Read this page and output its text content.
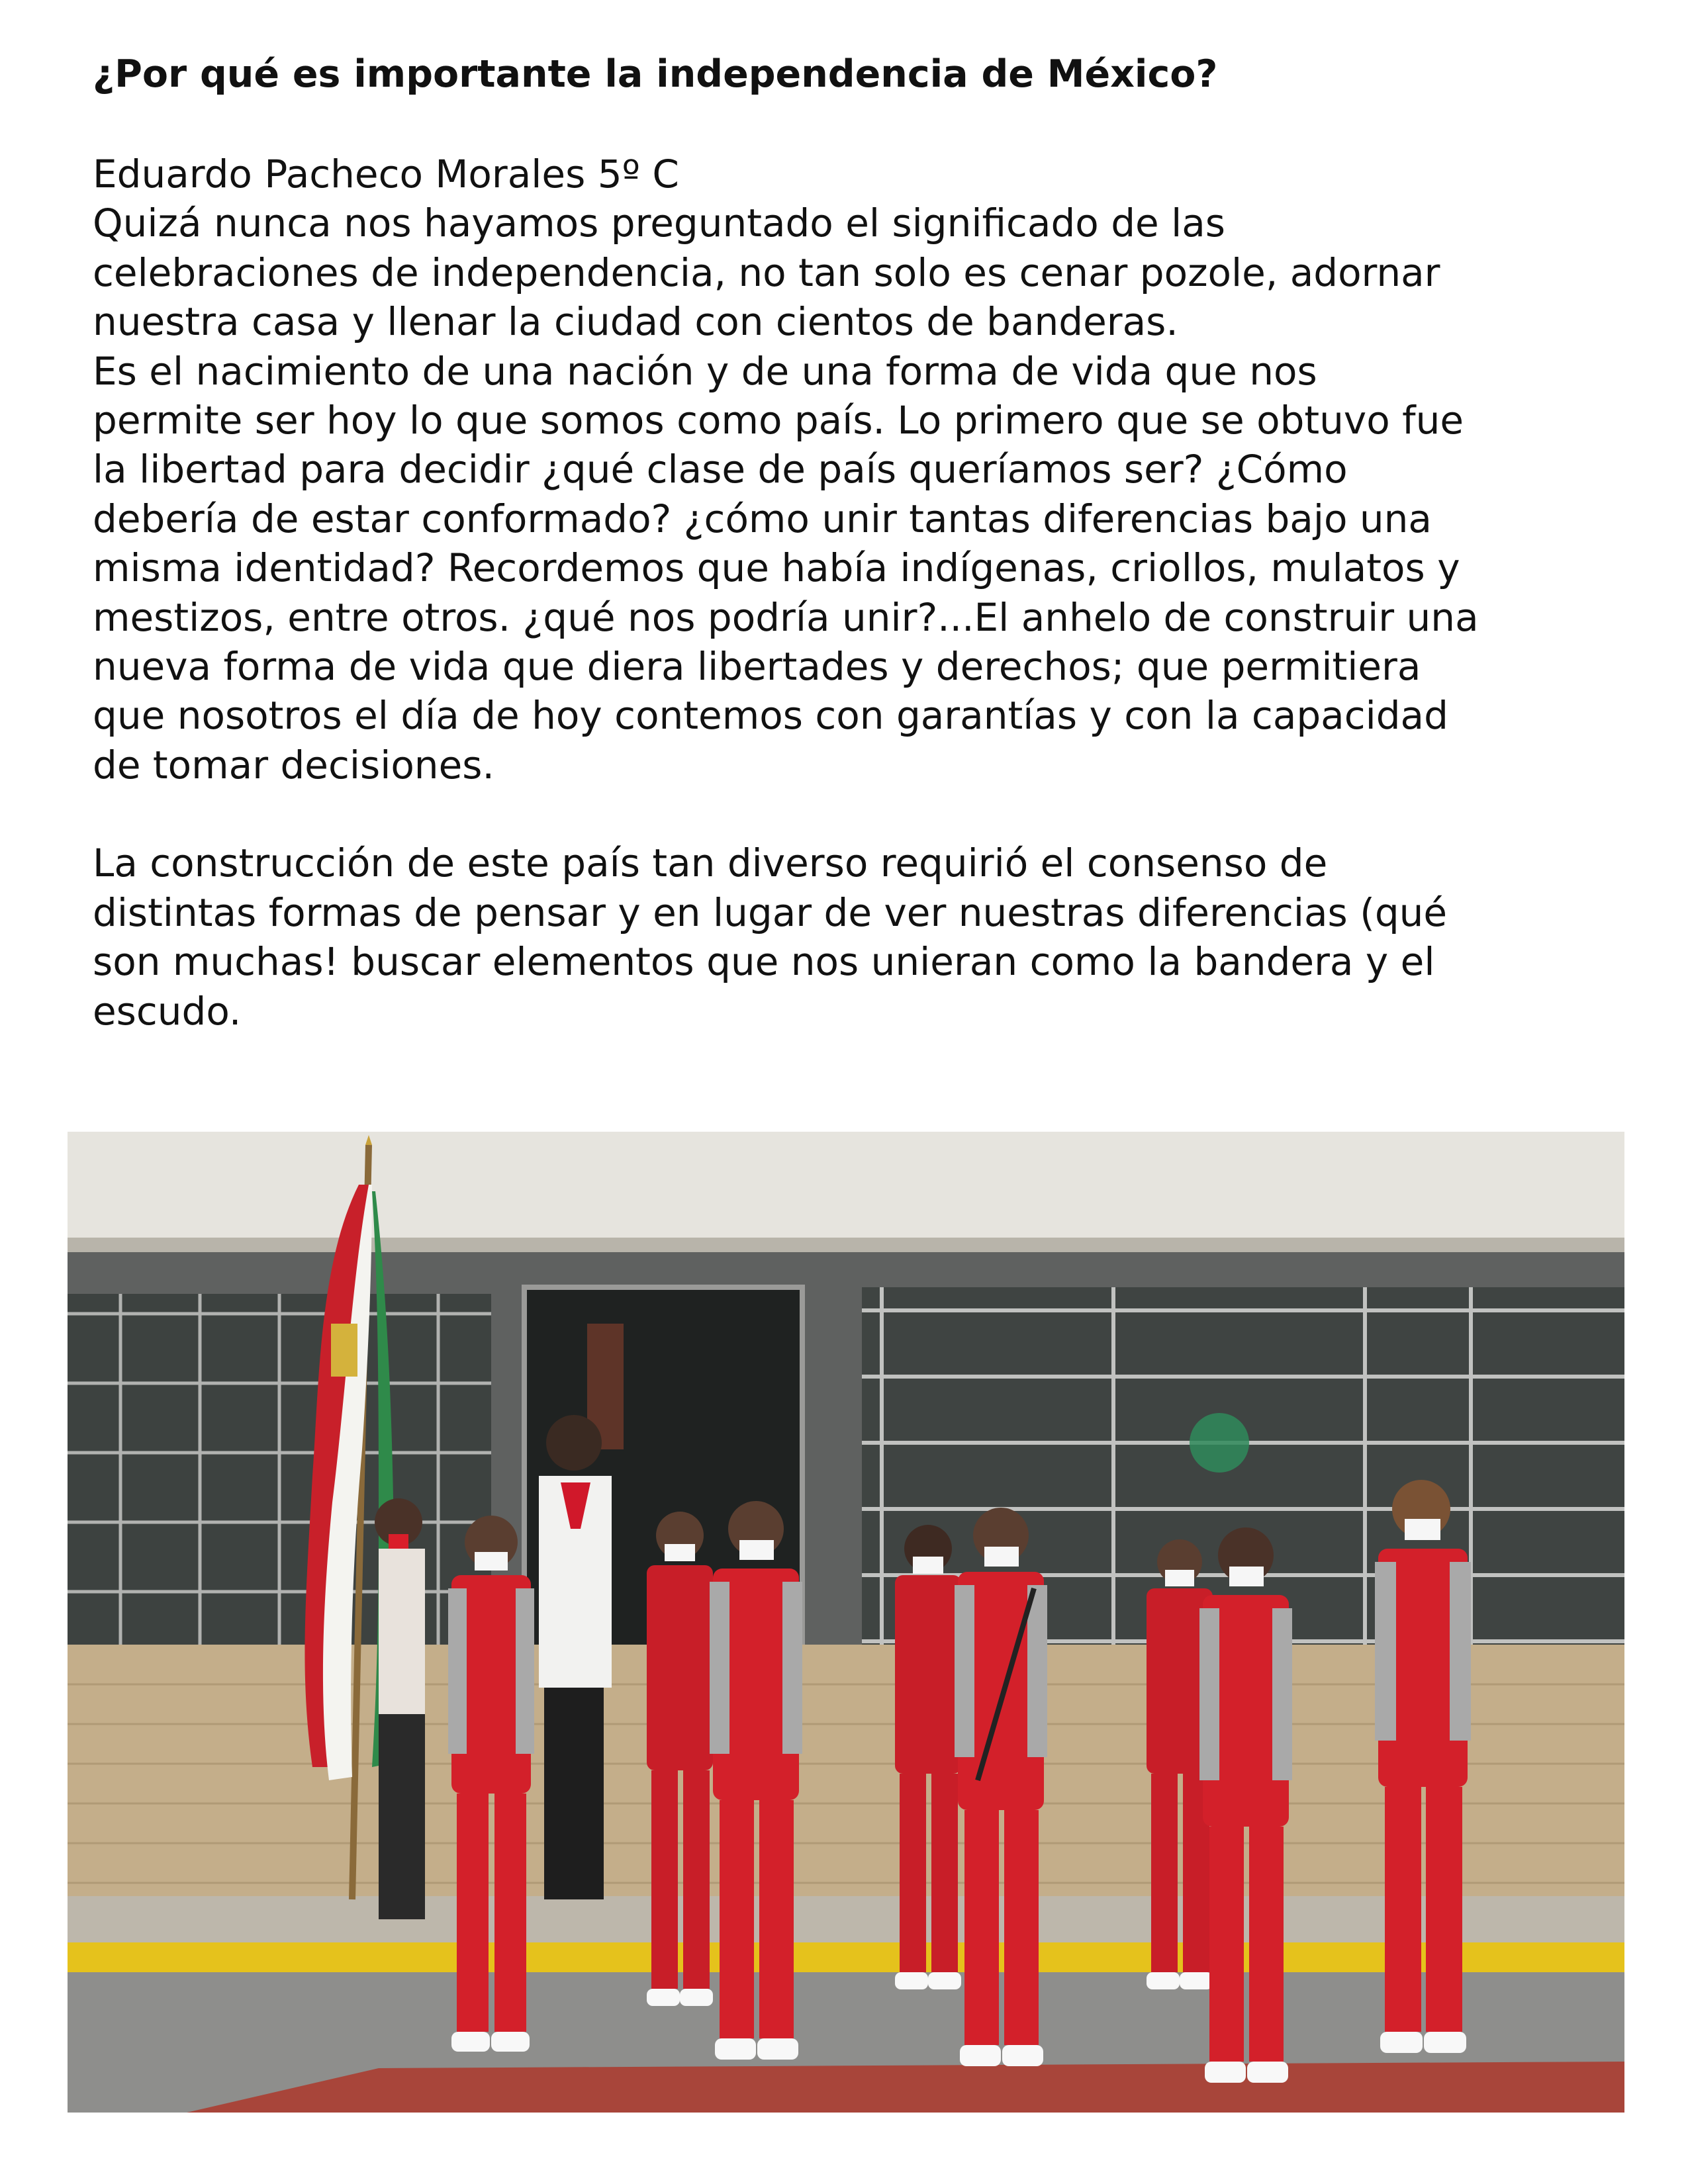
¿Por qué es importante la independencia de México?

Eduardo Pacheco Morales 5º C

Quizá nunca nos hayamos preguntado el significado de las
celebraciones de independencia, no tan solo es cenar pozole, adornar
nuestra casa y llenar la ciudad con cientos de banderas.

Es el nacimiento de una nación y de una forma de vida que nos
permite ser hoy lo que somos como país. Lo primero que se obtuvo fue
la libertad para decidir ¿qué clase de país queríamos ser? ¿Cómo
debería de estar conformado? ¿cómo unir tantas diferencias bajo una
misma identidad? Recordemos que había indígenas, criollos, mulatos y
mestizos, entre otros. ¿qué nos podría unir?...El anhelo de construir una
nueva forma de vida que diera libertades y derechos; que permitiera
que nosotros el día de hoy contemos con garantías y con la capacidad
de tomar decisiones.

La construcción de este país tan diverso requirió el consenso de
distintas formas de pensar y en lugar de ver nuestras diferencias (qué
son muchas! buscar elementos que nos unieran como la bandera y el
escudo.
